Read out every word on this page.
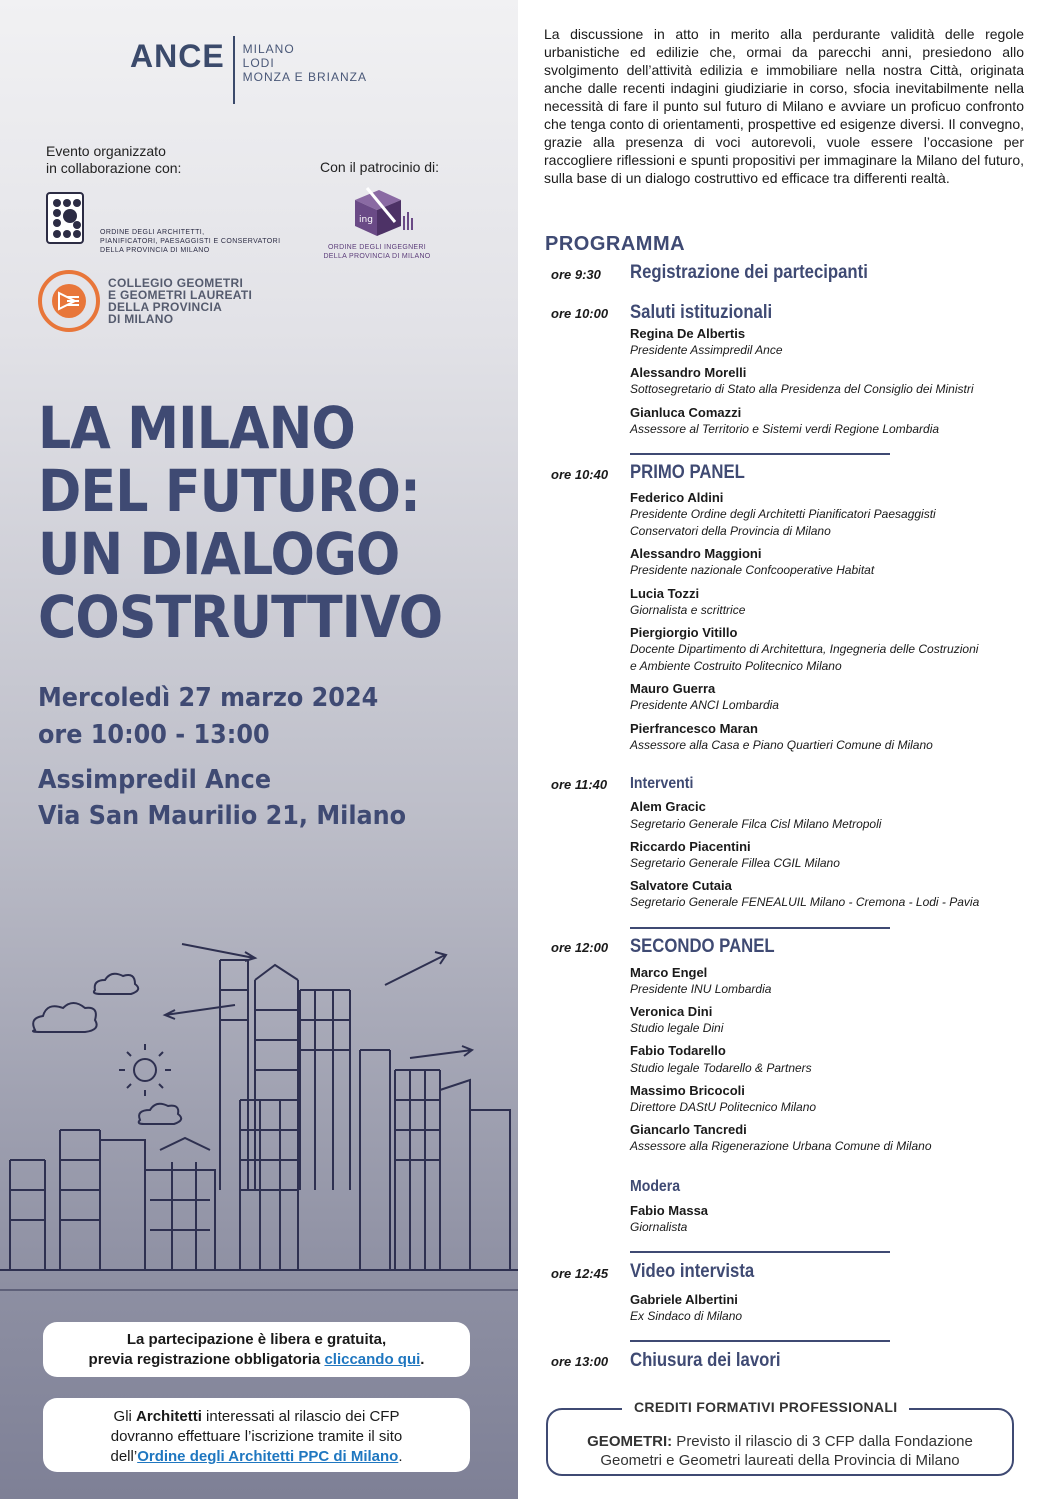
ANCE MILANO
LODI
MONZA E BRIANZA
Evento organizzato
in collaborazione con:	Con il patrocinio di:
ORDINE DEGLI ARCHITETTI,
PIANIFICATORI, PAESAGGISTI E CONSERVATORI
DELLA PROVINCIA DI MILANO
ing
ORDINE DEGLI INGEGNERI
DELLA PROVINCIA DI MILANO
COLLEGIO GEOMETRI
E GEOMETRI LAUREATI
DELLA PROVINCIA
DI MILANO
LA MILANO
DEL FUTURO:
UN DIALOGO
COSTRUTTIVO
Mercoledì 27 marzo 2024
ore 10:00 - 13:00
Assimpredil Ance
Via San Maurilio 21, Milano
La partecipazione è libera e gratuita,
previa registrazione obbligatoria cliccando qui.
Gli Architetti interessati al rilascio dei CFP
dovranno effettuare l’iscrizione tramite il sito
dell’Ordine degli Architetti PPC di Milano.
La discussione in atto in merito alla perdurante validità delle regole urbanistiche ed edilizie che, ormai da parecchi anni, presiedono allo svolgimento dell’attività edilizia e immobiliare nella nostra Città, originata anche dalle recenti indagini giudiziarie in corso, sfocia inevitabilmente nella necessità di fare il punto sul futuro di Milano e avviare un proficuo confronto che tenga conto di orientamenti, prospettive ed esigenze diversi. Il convegno, grazie alla presenza di voci autorevoli, vuole essere l’occasione per raccogliere riflessioni e spunti propositivi per immaginare la Milano del futuro, sulla base di un dialogo costruttivo ed efficace tra differenti realtà.
PROGRAMMA
ore 9:30 Registrazione dei partecipanti
ore 10:00 Saluti istituzionali
Regina De Albertis
Presidente Assimpredil Ance
Alessandro Morelli
Sottosegretario di Stato alla Presidenza del Consiglio dei Ministri
Gianluca Comazzi
Assessore al Territorio e Sistemi verdi Regione Lombardia
ore 10:40 PRIMO PANEL
Federico Aldini
Presidente Ordine degli Architetti Pianificatori Paesaggisti
Conservatori della Provincia di Milano
Alessandro Maggioni
Presidente nazionale Confcooperative Habitat
Lucia Tozzi
Giornalista e scrittrice
Piergiorgio Vitillo
Docente Dipartimento di Architettura, Ingegneria delle Costruzioni
e Ambiente Costruito Politecnico Milano
Mauro Guerra
Presidente ANCI Lombardia
Pierfrancesco Maran
Assessore alla Casa e Piano Quartieri Comune di Milano
ore 11:40 Interventi
Alem Gracic
Segretario Generale Filca Cisl Milano Metropoli
Riccardo Piacentini
Segretario Generale Fillea CGIL Milano
Salvatore Cutaia
Segretario Generale FENEALUIL Milano - Cremona - Lodi - Pavia
ore 12:00 SECONDO PANEL
Marco Engel
Presidente INU Lombardia
Veronica Dini
Studio legale Dini
Fabio Todarello
Studio legale Todarello & Partners
Massimo Bricocoli
Direttore DAStU Politecnico Milano
Giancarlo Tancredi
Assessore alla Rigenerazione Urbana Comune di Milano
Modera
Fabio Massa
Giornalista
ore 12:45 Video intervista
Gabriele Albertini
Ex Sindaco di Milano
ore 13:00 Chiusura dei lavori
GEOMETRI: Previsto il rilascio di 3 CFP dalla Fondazione
Geometri e Geometri laureati della Provincia di Milano
CREDITI FORMATIVI PROFESSIONALI
